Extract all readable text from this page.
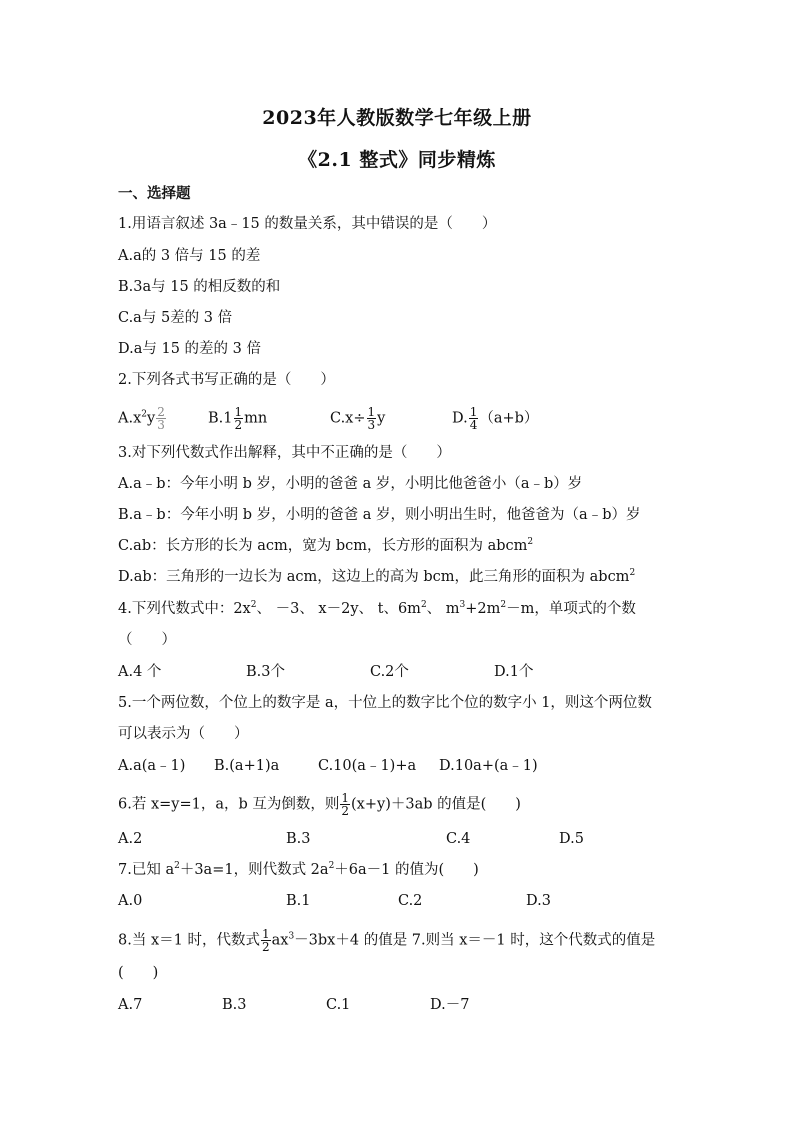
2023年人教版数学七年级上册
《2.1 整式》同步精炼
一、选择题
1.用语言叙述 3a﹣15 的数量关系，其中错误的是（　　）
A.a的 3 倍与 15 的差
B.3a与 15 的相反数的和
C.a与 5差的 3 倍
D.a与 15 的差的 3 倍
2.下列各式书写正确的是（　　）
$A.x^2y \frac{2}{3}$	$B.1 \frac{1}{2}$ mn	$C.x\div \frac{1}{3}$ y	D. $\frac{1}{4} (a+b)$
3.对下列代数式作出解释，其中不正确的是（　　）
A.a﹣b：今年小明 b 岁，小明的爸爸 a 岁，小明比他爸爸小（a﹣b）岁
B.a﹣b：今年小明 b 岁，小明的爸爸 a 岁，则小明出生时，他爸爸为（a﹣b）岁
C.ab：长方形的长为 acm，宽为 bcm，长方形的面积为 abcm$^2$
D.ab：三角形的一边长为 acm，这边上的高为 bcm，此三角形的面积为 abcm$^2$
4.下列代数式中：$2x^2$、 －3、 x－2y、 t、$6m^2$、 $m^3+2m^2-m$，单项式的个数
（　　）
A.4 个	B.3个	C.2个	D.1个
5.一个两位数，个位上的数字是 a，十位上的数字比个位的数字小 1，则这个两位数
可以表示为（　　）
A.a(a﹣1) B.(a+1)a	C.10(a﹣1)+a D.10a+(a﹣1)
6.若 x=y=1，a，b 互为倒数，则 $\frac{1}{2} (x+y)+3ab$ 的值是(　　)
A.2	B.3	C.4	D.5
7.已知 $a^2+3a=1$，则代数式 $2a^2+6a-1$ 的值为(　　)
A.0	B.1	C.2	D.3
8.当 x＝1 时，代数式 $\frac{1}{2} ax^3-3bx+4$ 的值是 7.则当 x＝－1 时，这个代数式的值是
(　　)
A.7	B.3	C.1	D.－7
